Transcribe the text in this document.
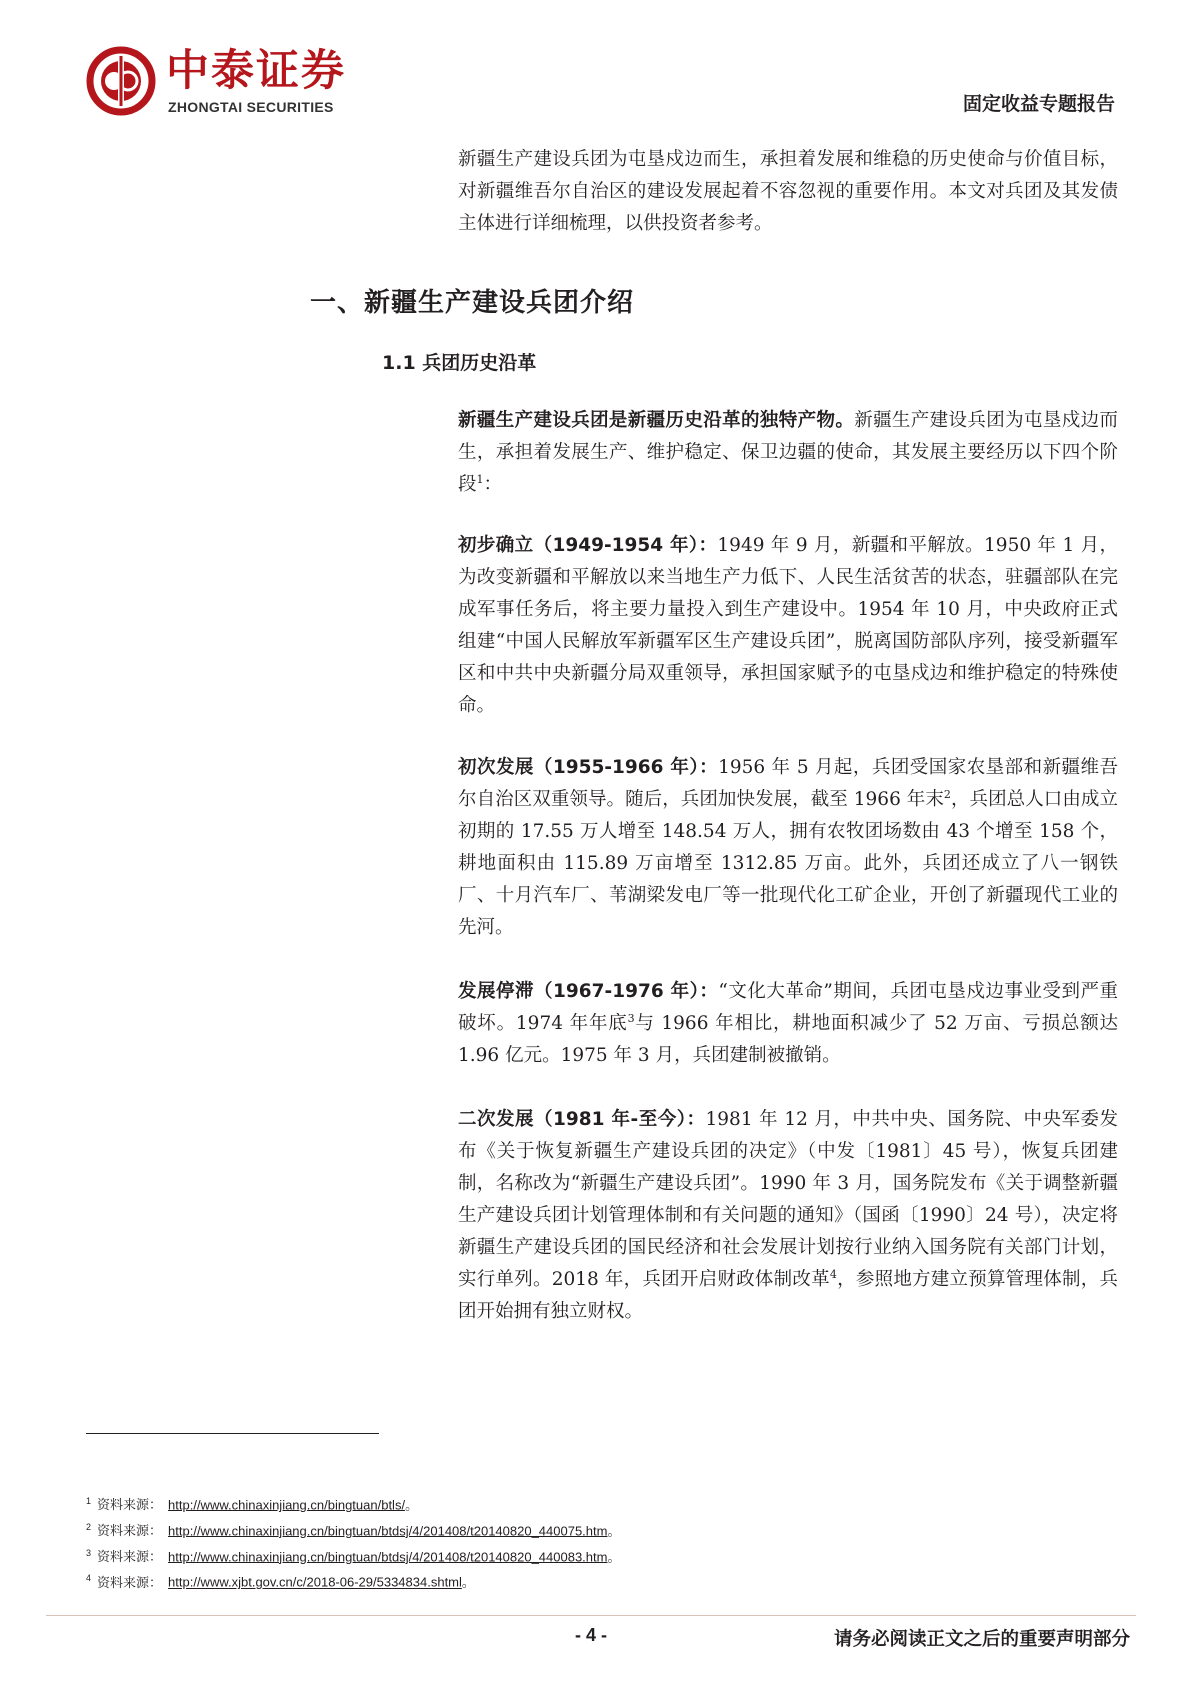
中泰证券
ZHONGTAI SECURITIES	固定收益专题报告

新疆生产建设兵团为屯垦戍边而生，承担着发展和维稳的历史使命与价值目标，对新疆维吾尔自治区的建设发展起着不容忽视的重要作用。本文对兵团及其发债主体进行详细梳理，以供投资者参考。

一、新疆生产建设兵团介绍
1.1 兵团历史沿革

新疆生产建设兵团是新疆历史沿革的独特产物。新疆生产建设兵团为屯垦戍边而生，承担着发展生产、维护稳定、保卫边疆的使命，其发展主要经历以下四个阶段$^1$：

初步确立（1949-1954 年）：1949 年 9 月，新疆和平解放。1950 年 1 月，为改变新疆和平解放以来当地生产力低下、人民生活贫苦的状态，驻疆部队在完成军事任务后，将主要力量投入到生产建设中。1954 年 10 月，中央政府正式组建“中国人民解放军新疆军区生产建设兵团”，脱离国防部队序列，接受新疆军区和中共中央新疆分局双重领导，承担国家赋予的屯垦戍边和维护稳定的特殊使命。

初次发展（1955-1966 年）：1956 年 5 月起，兵团受国家农垦部和新疆维吾尔自治区双重领导。随后，兵团加快发展，截至 1966 年末$^2$，兵团总人口由成立初期的 17.55 万人增至 148.54 万人，拥有农牧团场数由 43 个增至 158 个，耕地面积由 115.89 万亩增至 1312.85 万亩。此外，兵团还成立了八一钢铁厂、十月汽车厂、苇湖梁发电厂等一批现代化工矿企业，开创了新疆现代工业的先河。

发展停滞（1967-1976 年）：“文化大革命”期间，兵团屯垦戍边事业受到严重破坏。1974 年年底$^3$与 1966 年相比，耕地面积减少了 52 万亩、亏损总额达 1.96 亿元。1975 年 3 月，兵团建制被撤销。

二次发展（1981 年-至今）：1981 年 12 月，中共中央、国务院、中央军委发布《关于恢复新疆生产建设兵团的决定》（中发〔1981〕45 号），恢复兵团建制，名称改为“新疆生产建设兵团”。1990 年 3 月，国务院发布《关于调整新疆生产建设兵团计划管理体制和有关问题的通知》（国函〔1990〕24 号），决定将新疆生产建设兵团的国民经济和社会发展计划按行业纳入国务院有关部门计划，实行单列。2018 年，兵团开启财政体制改革$^4$，参照地方建立预算管理体制，兵团开始拥有独立财权。

$^1$ 资料来源： http://www.chinaxinjiang.cn/bingtuan/btls/。
$^2$ 资料来源： http://www.chinaxinjiang.cn/bingtuan/btdsj/4/201408/t20140820_440075.htm。
$^3$ 资料来源： http://www.chinaxinjiang.cn/bingtuan/btdsj/4/201408/t20140820_440083.htm。
$^4$ 资料来源： http://www.xjbt.gov.cn/c/2018-06-29/5334834.shtml。
- 4 -	请务必阅读正文之后的重要声明部分
